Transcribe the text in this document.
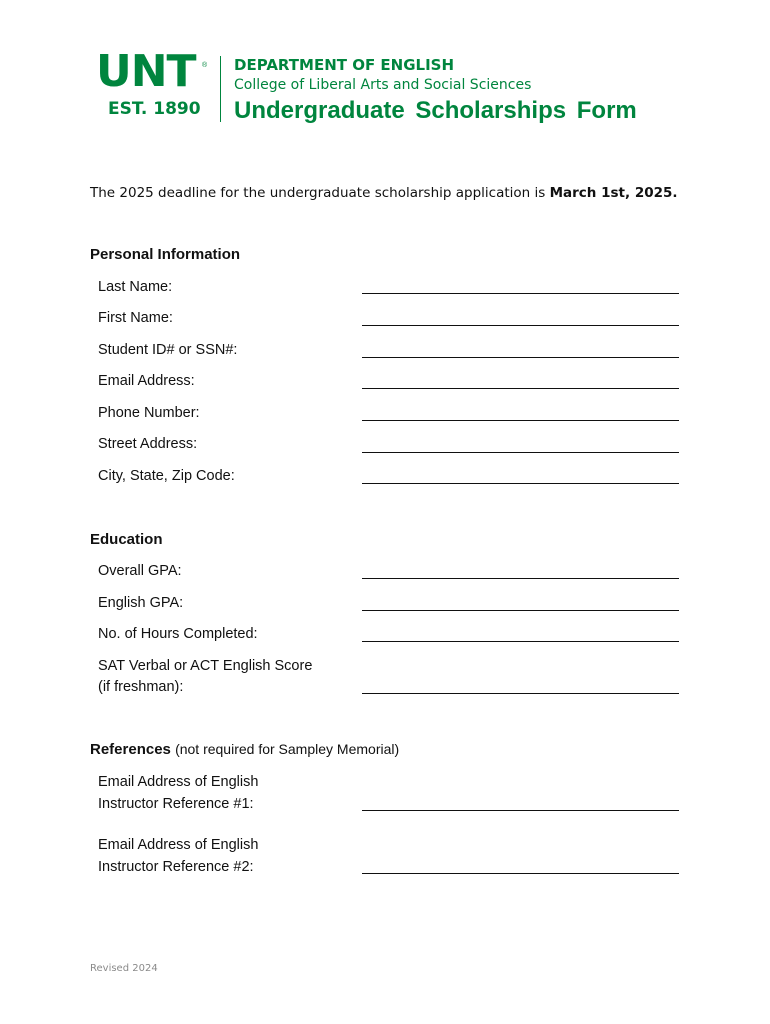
UNT ®
EST. 1890
DEPARTMENT OF ENGLISH
College of Liberal Arts and Social Sciences
Undergraduate Scholarships Form
The 2025 deadline for the undergraduate scholarship application is March 1st, 2025.
Personal Information
Last Name:
First Name:
Student ID# or SSN#:
Email Address:
Phone Number:
Street Address:
City, State, Zip Code:
Education
Overall GPA:
English GPA:
No. of Hours Completed:
SAT Verbal or ACT English Score
(if freshman):
References (not required for Sampley Memorial)
Email Address of English
Instructor Reference #1:
Email Address of English
Instructor Reference #2:
Revised 2024
